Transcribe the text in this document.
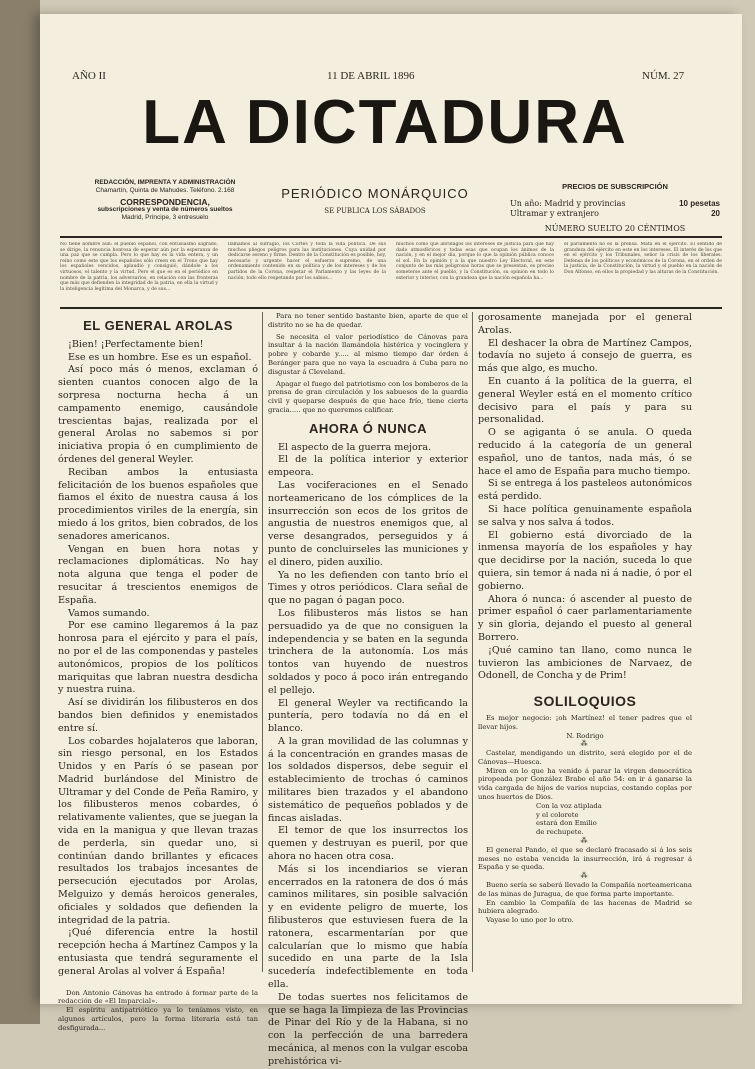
AÑO II	11 DE ABRIL 1896	NÚM. 27
LA DICTADURA
REDACCIÓN, IMPRENTA Y ADMINISTRACIÓN
Chamartín, Quinta de Mahudes. Teléfono. 2.168
CORRESPONDENCIA,
subscripciones y venta de números sueltos
Madrid, Príncipe, 3 entresuelo
PERIÓDICO MONÁRQUICO
SE PUBLICA LOS SÁBADOS
PRECIOS DE SUBSCRIPCIÓN
Un año: Madrid y provincias	10 pesetas
Ultramar y extranjero	20
NÚMERO SUELTO 20 CÉNTIMOS
No tiene nombre aún: el pueblo español, con entusiasmo sagrado, se dirige, la renuncia honrosa de esperar aún por la esperanza de una paz que se cumpla. Pero lo que hay es la vida entera, y un reino como este que los españoles sólo creen en el Trono que hay los españoles vencidos, aplaudió y consiguió, dándole a los virtuosos, el talento y la virtud. Pero el que es en el periódico en nombre de la patria, los adversarios, en relación con las fronteras que más que defienden la integridad de la patria, en ella la virtud y la inteligencia legítima del Monarca, y de sus...
llamamos al sufragio, los Cortes y toda la vida política. De sus muchos pliegos peligros para las instituciones. Cuya unidad por dedicarse sereno y firme. Dentro de la Constitución es posible, hoy, necesario y urgente hacer el esfuerzo supremo, de una ordenamiento contenido en su política y de los intereses y de los partidos de la Corona, respetar el Parlamento y las leyes de la nación, todo ello respetando por los sabios...
muchos como que abridagos los intereses de justicia para que hay dado atmosféricos y todas esas que ocupan los ánimos de la nación, y en el mejor día, porque lo que la opinión pública conoce el sol. En la opinión y a la que nuestro Ley Electoral, en este conjunto de las más peligrosas horas que se presentan, es preciso someterse ante el pueblo, y la Constitución, su opinión en todo lo exterior y interior, con la grandeza que la nación española ha...
el parlamento no es la prensa. Mata en el ejercito. El sentido de grandeza del ejército en este en los intereses. El interés de los que en el ejército y los Tribunales, señor la crisis de los liberales. Defensa de los políticos y económicos de la Corona, en el orden de la justicia, de la Constitución, la virtud y el pueblo en la nación de Don Alfonso, en ellos la propiedad y las alturas de la Constitución.
EL GENERAL AROLAS

¡Bien! ¡Perfectamente bien!

Ese es un hombre. Ese es un español.

Así poco más ó menos, exclaman ó sienten cuantos conocen algo de la sorpresa nocturna hecha á un campamento enemigo, causándole trescientas bajas, realizada por el general Arolas no sabemos si por iniciativa propia ó en cumplimiento de órdenes del general Weyler.

Reciban ambos la entusiasta felicitación de los buenos españoles que fiamos el éxito de nuestra causa á los procedimientos viriles de la energía, sin miedo á los gritos, bien cobrados, de los senadores americanos.

Vengan en buen hora notas y reclamaciones diplomáticas. No hay nota alguna que tenga el poder de resucitar á trescientos enemigos de España.

Vamos sumando.

Por ese camino llegaremos á la paz honrosa para el ejército y para el país, no por el de las componendas y pasteles autonómicos, propios de los políticos mariquitas que labran nuestra desdicha y nuestra ruina.

Así se dividirán los filibusteros en dos bandos bien definidos y enemistados entre sí.

Los cobardes hojalateros que laboran, sin riesgo personal, en los Estados Unidos y en París ó se pasean por Madrid burlándose del Ministro de Ultramar y del Conde de Peña Ramiro, y los filibusteros menos cobardes, ó relativamente valientes, que se juegan la vida en la manigua y que llevan trazas de perderla, sin quedar uno, si continúan dando brillantes y eficaces resultados los trabajos incesantes de persecución ejecutados por Arolas, Melguizo y demás heroicos generales, oficiales y soldados que defienden la integridad de la patria.

¡Qué diferencia entre la hostil recepción hecha á Martínez Campos y la entusiasta que tendrá seguramente el general Arolas al volver á España!

Don Antonio Cánovas ha entrado á formar parte de la redacción de «El Imparcial».

El espíritu antipatriótico ya lo teníamos visto, en algunos artículos, pero la forma literaria está tan desfigurada...

Para no tener sentido bastante bien, aparte de que el distrito no se ha de quedar.

Se necesita el valor periodístico de Cánovas para insultar á la nación llamándola histérica y vocinglera y pobre y cobarde y..... al mismo tiempo dar órden á Beránger para que no vaya la escuadra á Cuba para no disgustar á Cleveland.

Apagar el fuego del patriotismo con los bomberos de la prensa de gran circulación y los sabuesos de la guardia civil y queparse después de que hace frío, tiene cierta gracia..... que no queremos calificar.

AHORA Ó NUNCA

El aspecto de la guerra mejora.

El de la política interior y exterior empeora.

Las vociferaciones en el Senado norteamericano de los cómplices de la insurrección son ecos de los gritos de angustia de nuestros enemigos que, al verse desangrados, perseguidos y á punto de concluirseles las municiones y el dinero, piden auxilio.

Ya no les defienden con tanto brío el Times y otros periódicos. Clara señal de que no pagan ó pagan poco.

Los filibusteros más listos se han persuadido ya de que no consiguen la independencia y se baten en la segunda trinchera de la autonomía. Los más tontos van huyendo de nuestros soldados y poco á poco irán entregando el pellejo.

El general Weyler va rectificando la puntería, pero todavía no dá en el blanco.

A la gran movilidad de las columnas y á la concentración en grandes masas de los soldados dispersos, debe seguir el establecimiento de trochas ó caminos militares bien trazados y el abandono sistemático de pequeños poblados y de fincas aisladas.

El temor de que los insurrectos los quemen y destruyan es pueril, por que ahora no hacen otra cosa.

Más si los incendiarios se vieran encerrados en la ratonera de dos ó más caminos militares, sin posible salvación y en evidente peligro de muerte, los filibusteros que estuviesen fuera de la ratonera, escarmentarían por que calcularían que lo mismo que había sucedido en una parte de la Isla sucedería indefectiblemente en toda ella.

De todas suertes nos felicitamos de que se haga la limpieza de las Provincias de Pinar del Río y de la Habana, si no con la perfección de una barredera mecánica, al menos con la vulgar escoba prehistórica vi-

gorosamente manejada por el general Arolas.

El deshacer la obra de Martínez Campos, todavía no sujeto á consejo de guerra, es más que algo, es mucho.

En cuanto á la política de la guerra, el general Weyler está en el momento crítico decisivo para el país y para su personalidad.

O se agiganta ó se anula. O queda reducido á la categoría de un general español, uno de tantos, nada más, ó se hace el amo de España para mucho tiempo.

Si se entrega á los pasteleos autonómicos está perdido.

Si hace política genuinamente española se salva y nos salva á todos.

El gobierno está divorciado de la inmensa mayoría de los españoles y hay que decidirse por la nación, suceda lo que quiera, sin temor á nada ni á nadie, ó por el gobierno.

Ahora ó nunca: ó ascender al puesto de primer español ó caer parlamentariamente y sin gloria, dejando el puesto al general Borrero.

¡Qué camino tan llano, como nunca le tuvieron las ambiciones de Narvaez, de Odonell, de Concha y de Prim!

SOLILOQUIOS

Es mejor negocio: ¡oh Martínez! el tener padres que el llevar hijos.

N. Rodrigo

⁂

Castelar, mendigando un distrito, será elegido por el de Cánovas—Huesca.

Miren en lo que ha venido á parar la virgen democrática piropeada por González Brabo el año 54: en ir á ganarse la vida cargada de hijos de varios nupcias, costando coplas por unos huertos de Dios.

Con la voz atiplada

y el colorete

estará don Emilio

de rechupete.

⁂

El general Pando, el que se declaró fracasado si á los seis meses no estaba vencida la insurrección, irá á regresar á España y se queda.

⁂

Bueno sería se saberá llevado la Compañía norteamericana de las minas de Juragua, de que forma parte importante.

En cambio la Compañía de las hacenas de Madrid se hubiera alegrado.

Vayase lo uno por lo otro.
